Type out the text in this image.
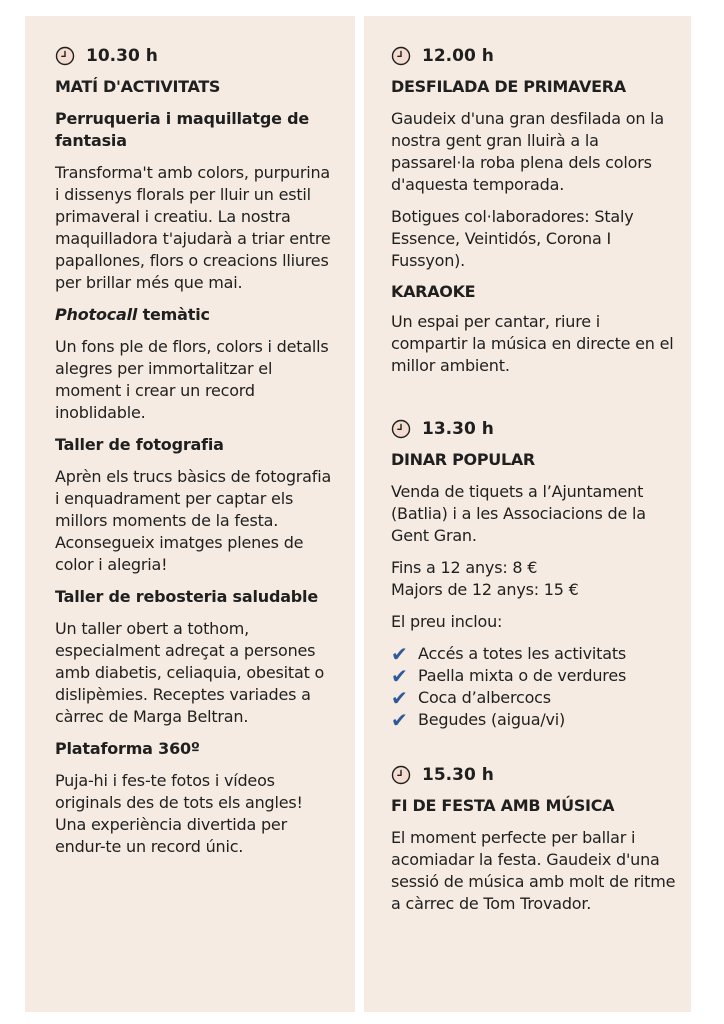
10.30 h
MATÍ D'ACTIVITATS
Perruqueria i maquillatge de fantasia
Transforma't amb colors, purpurina i dissenys florals per lluir un estil primaveral i creatiu. La nostra maquilladora t'ajudarà a triar entre papallones, flors o creacions lliures per brillar més que mai.
Photocall temàtic
Un fons ple de flors, colors i detalls alegres per immortalitzar el moment i crear un record inoblidable.
Taller de fotografia
Aprèn els trucs bàsics de fotografia i enquadrament per captar els millors moments de la festa. Aconsegueix imatges plenes de color i alegria!
Taller de rebosteria saludable
Un taller obert a tothom, especialment adreçat a persones amb diabetis, celiaquia, obesitat o dislipèmies. Receptes variades a càrrec de Marga Beltran.
Plataforma 360º
Puja-hi i fes-te fotos i vídeos originals des de tots els angles! Una experiència divertida per endur-te un record únic.
12.00 h
DESFILADA DE PRIMAVERA
Gaudeix d'una gran desfilada on la nostra gent gran lluirà a la passarel·la roba plena dels colors d'aquesta temporada.
Botigues col·laboradores: Staly Essence, Veintidós, Corona I Fussyon).
KARAOKE
Un espai per cantar, riure i compartir la música en directe en el millor ambient.
13.30 h
DINAR POPULAR
Venda de tiquets a l’Ajuntament (Batlia) i a les Associacions de la Gent Gran.
Fins a 12 anys: 8 €
Majors de 12 anys: 15 €
El preu inclou:
✔ Accés a totes les activitats
✔ Paella mixta o de verdures
✔ Coca d’albercocs
✔ Begudes (aigua/vi)
15.30 h
FI DE FESTA AMB MÚSICA
El moment perfecte per ballar i acomiadar la festa. Gaudeix d'una sessió de música amb molt de ritme a càrrec de Tom Trovador.
